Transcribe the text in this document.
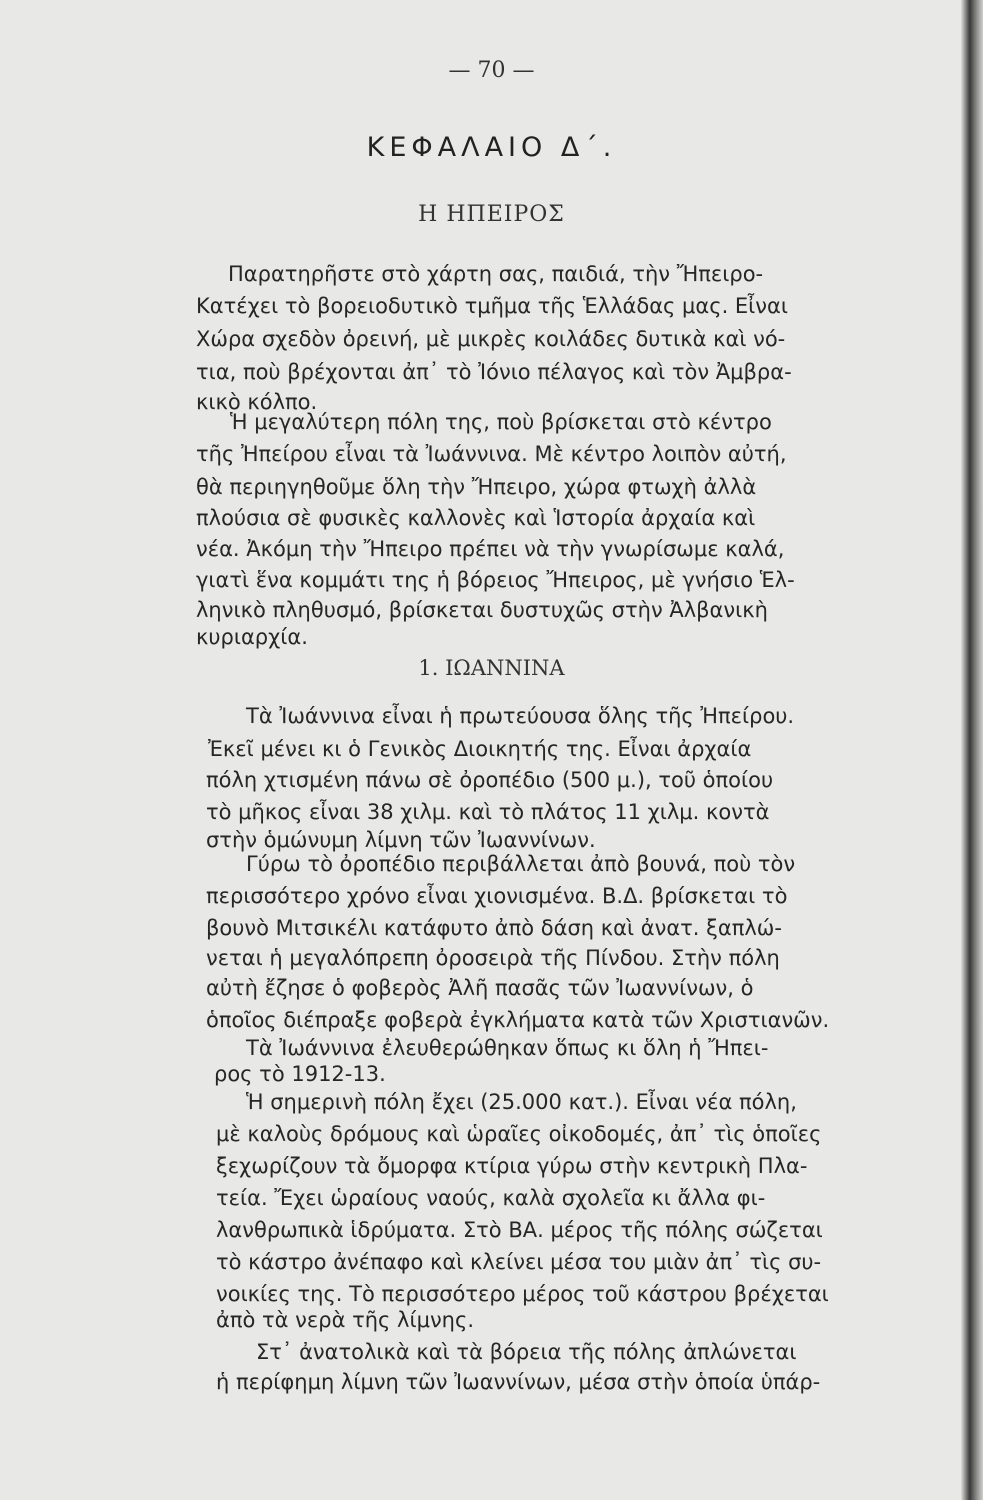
— 70 —
ΚΕΦΑΛΑΙΟ Δ΄.
Η ΗΠΕΙΡΟΣ
Παρατηρῆστε στὸ χάρτη σας, παιδιά, τὴν Ἤπειρο-
Κατέχει τὸ βορειοδυτικὸ τμῆμα τῆς Ἑλλάδας μας. Εἶναι
Χώρα σχεδὸν ὀρεινή, μὲ μικρὲς κοιλάδες δυτικὰ καὶ νό-
τια, ποὺ βρέχονται ἀπ᾽ τὸ Ἰόνιο πέλαγος καὶ τὸν Ἀμβρα-
κικὸ κόλπο.
Ἡ μεγαλύτερη πόλη της, ποὺ βρίσκεται στὸ κέντρο
τῆς Ἠπείρου εἶναι τὰ Ἰωάννινα. Μὲ κέντρο λοιπὸν αὐτή,
θὰ περιηγηθοῦμε ὅλη τὴν Ἤπειρο, χώρα φτωχὴ ἀλλὰ
πλούσια σὲ φυσικὲς καλλονὲς καὶ Ἱστορία ἀρχαία καὶ
νέα. Ἀκόμη τὴν Ἤπειρο πρέπει νὰ τὴν γνωρίσωμε καλά,
γιατὶ ἕνα κομμάτι της ἡ βόρειος Ἤπειρος, μὲ γνήσιο Ἑλ-
ληνικὸ πληθυσμό, βρίσκεται δυστυχῶς στὴν Ἀλβανικὴ
κυριαρχία.
1. ΙΩΑΝΝΙΝΑ
Τὰ Ἰωάννινα εἶναι ἡ πρωτεύουσα ὅλης τῆς Ἠπείρου.
Ἐκεῖ μένει κι ὁ Γενικὸς Διοικητής της. Εἶναι ἀρχαία
πόλη χτισμένη πάνω σὲ ὀροπέδιο (500 μ.), τοῦ ὁποίου
τὸ μῆκος εἶναι 38 χιλμ. καὶ τὸ πλάτος 11 χιλμ. κοντὰ
στὴν ὁμώνυμη λίμνη τῶν Ἰωαννίνων.
Γύρω τὸ ὀροπέδιο περιβάλλεται ἀπὸ βουνά, ποὺ τὸν
περισσότερο χρόνο εἶναι χιονισμένα. Β.Δ. βρίσκεται τὸ
βουνὸ Μιτσικέλι κατάφυτο ἀπὸ δάση καὶ ἀνατ. ξαπλώ-
νεται ἡ μεγαλόπρεπη ὀροσειρὰ τῆς Πίνδου. Στὴν πόλη
αὐτὴ ἔζησε ὁ φοβερὸς Ἀλῆ πασᾶς τῶν Ἰωαννίνων, ὁ
ὁποῖος διέπραξε φοβερὰ ἐγκλήματα κατὰ τῶν Χριστιανῶν.
Τὰ Ἰωάννινα ἐλευθερώθηκαν ὅπως κι ὅλη ἡ Ἤπει-
ρος τὸ 1912-13.
Ἡ σημερινὴ πόλη ἔχει (25.000 κατ.). Εἶναι νέα πόλη,
μὲ καλοὺς δρόμους καὶ ὡραῖες οἰκοδομές, ἀπ᾽ τὶς ὁποῖες
ξεχωρίζουν τὰ ὄμορφα κτίρια γύρω στὴν κεντρικὴ Πλα-
τεία. Ἔχει ὡραίους ναούς, καλὰ σχολεῖα κι ἄλλα φι-
λανθρωπικὰ ἱδρύματα. Στὸ ΒΑ. μέρος τῆς πόλης σώζεται
τὸ κάστρο ἀνέπαφο καὶ κλείνει μέσα του μιὰν ἀπ᾽ τὶς συ-
νοικίες της. Τὸ περισσότερο μέρος τοῦ κάστρου βρέχεται
ἀπὸ τὰ νερὰ τῆς λίμνης.
Στ᾽ ἀνατολικὰ καὶ τὰ βόρεια τῆς πόλης ἀπλώνεται
ἡ περίφημη λίμνη τῶν Ἰωαννίνων, μέσα στὴν ὁποία ὑπάρ-
